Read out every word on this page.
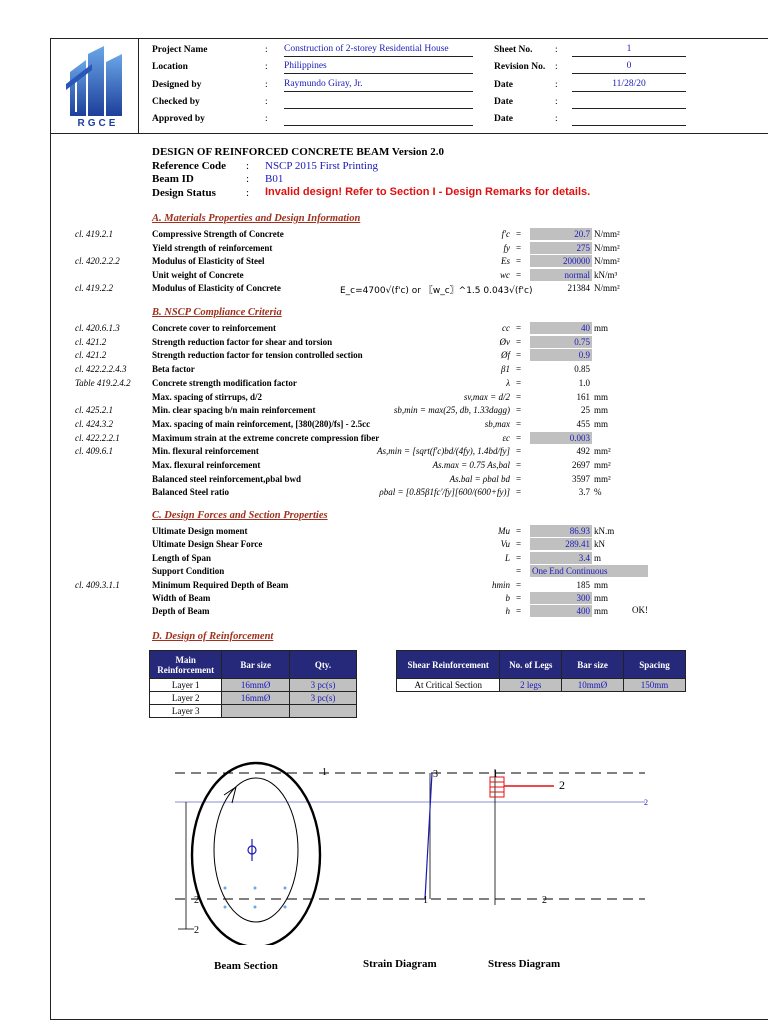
RGCE
Project Name	: Construction of 2-storey Residential House
Location	: Philippines
Designed by	: Raymundo Giray, Jr.
Checked by	:
Approved by	:
Sheet No. :	1
Revision No. :	0
Date	:	11/28/20
Date	:
Date	:
DESIGN OF REINFORCED CONCRETE BEAM Version 2.0
Reference Code : NSCP 2015 First Printing
Beam ID	: B01
Design Status	: Invalid design! Refer to Section I - Design Remarks for details.
A. Materials Properties and Design Information
cl. 419.2.1	Compressive Strength of Concrete	f'c =	20.7 N/mm²
Yield strength of reinforcement	fy =	275 N/mm²
cl. 420.2.2.2	Modulus of Elasticity of Steel	Es =	200000 N/mm²
Unit weight of Concrete	wc =	normal kN/m³
cl. 419.2.2	Modulus of Elasticity of Concrete	21384 N/mm²
E_c=4700√(f'c) or 〖w_c〗^1.5 0.043√(f'c)
B. NSCP Compliance Criteria
cl. 420.6.1.3	Concrete cover to reinforcement	cc =	40 mm
cl. 421.2	Strength reduction factor for shear and torsion	Øv =	0.75
cl. 421.2	Strength reduction factor for tension controlled section	Øf =	0.9
cl. 422.2.2.4.3	Beta factor	β1 =	0.85
Table 419.2.4.2 Concrete strength modification factor	λ =	1.0
Max. spacing of stirrups, d/2	sv,max = d/2 =	161 mm
cl. 425.2.1	Min. clear spacing b/n main reinforcement	sb,min = max(25, db, 1.33dagg) =	25 mm
cl. 424.3.2	Max. spacing of main reinforcement, [380(280)/fs] - 2.5cc	sb,max =	455 mm
cl. 422.2.2.1	Maximum strain at the extreme concrete compression fiber	εc =	0.003
cl. 409.6.1	Min. flexural reinforcement	As,min = [sqrt(f'c)bd/(4fy), 1.4bd/fy] =	492 mm²
Max. flexural reinforcement	As.max = 0.75 As,bal =	2697 mm²
Balanced steel reinforcement,ρbal bwd	As.bal = ρbal bd =	3597 mm²
Balanced Steel ratio	ρbal = [0.85β1fc'/fy][600/(600+fy)] =	3.7 %
C. Design Forces and Section Properties
Ultimate Design moment	Mu =	86.93 kN.m
Ultimate Design Shear Force	Vu =	289.41 kN
Length of Span	L =	3.4 m
Support Condition	= One End Continuous
cl. 409.3.1.1	Minimum Required Depth of Beam	hmin =	185 mm
Width of Beam	b =	300 mm
Depth of Beam	h =	400 mm	OK!
D. Design of Reinforcement
Main Reinforcement	Bar size	Qty.
Layer 1	16mmØ	3 pc(s)
Layer 2	16mmØ	3 pc(s)
Layer 3		
Shear Reinforcement	No. of Legs	Bar size	Spacing
At Critical Section	2 legs	10mmØ	150mm
1	3	1
2
2
2	1	2
2
Beam Section	Strain Diagram	Stress Diagram
